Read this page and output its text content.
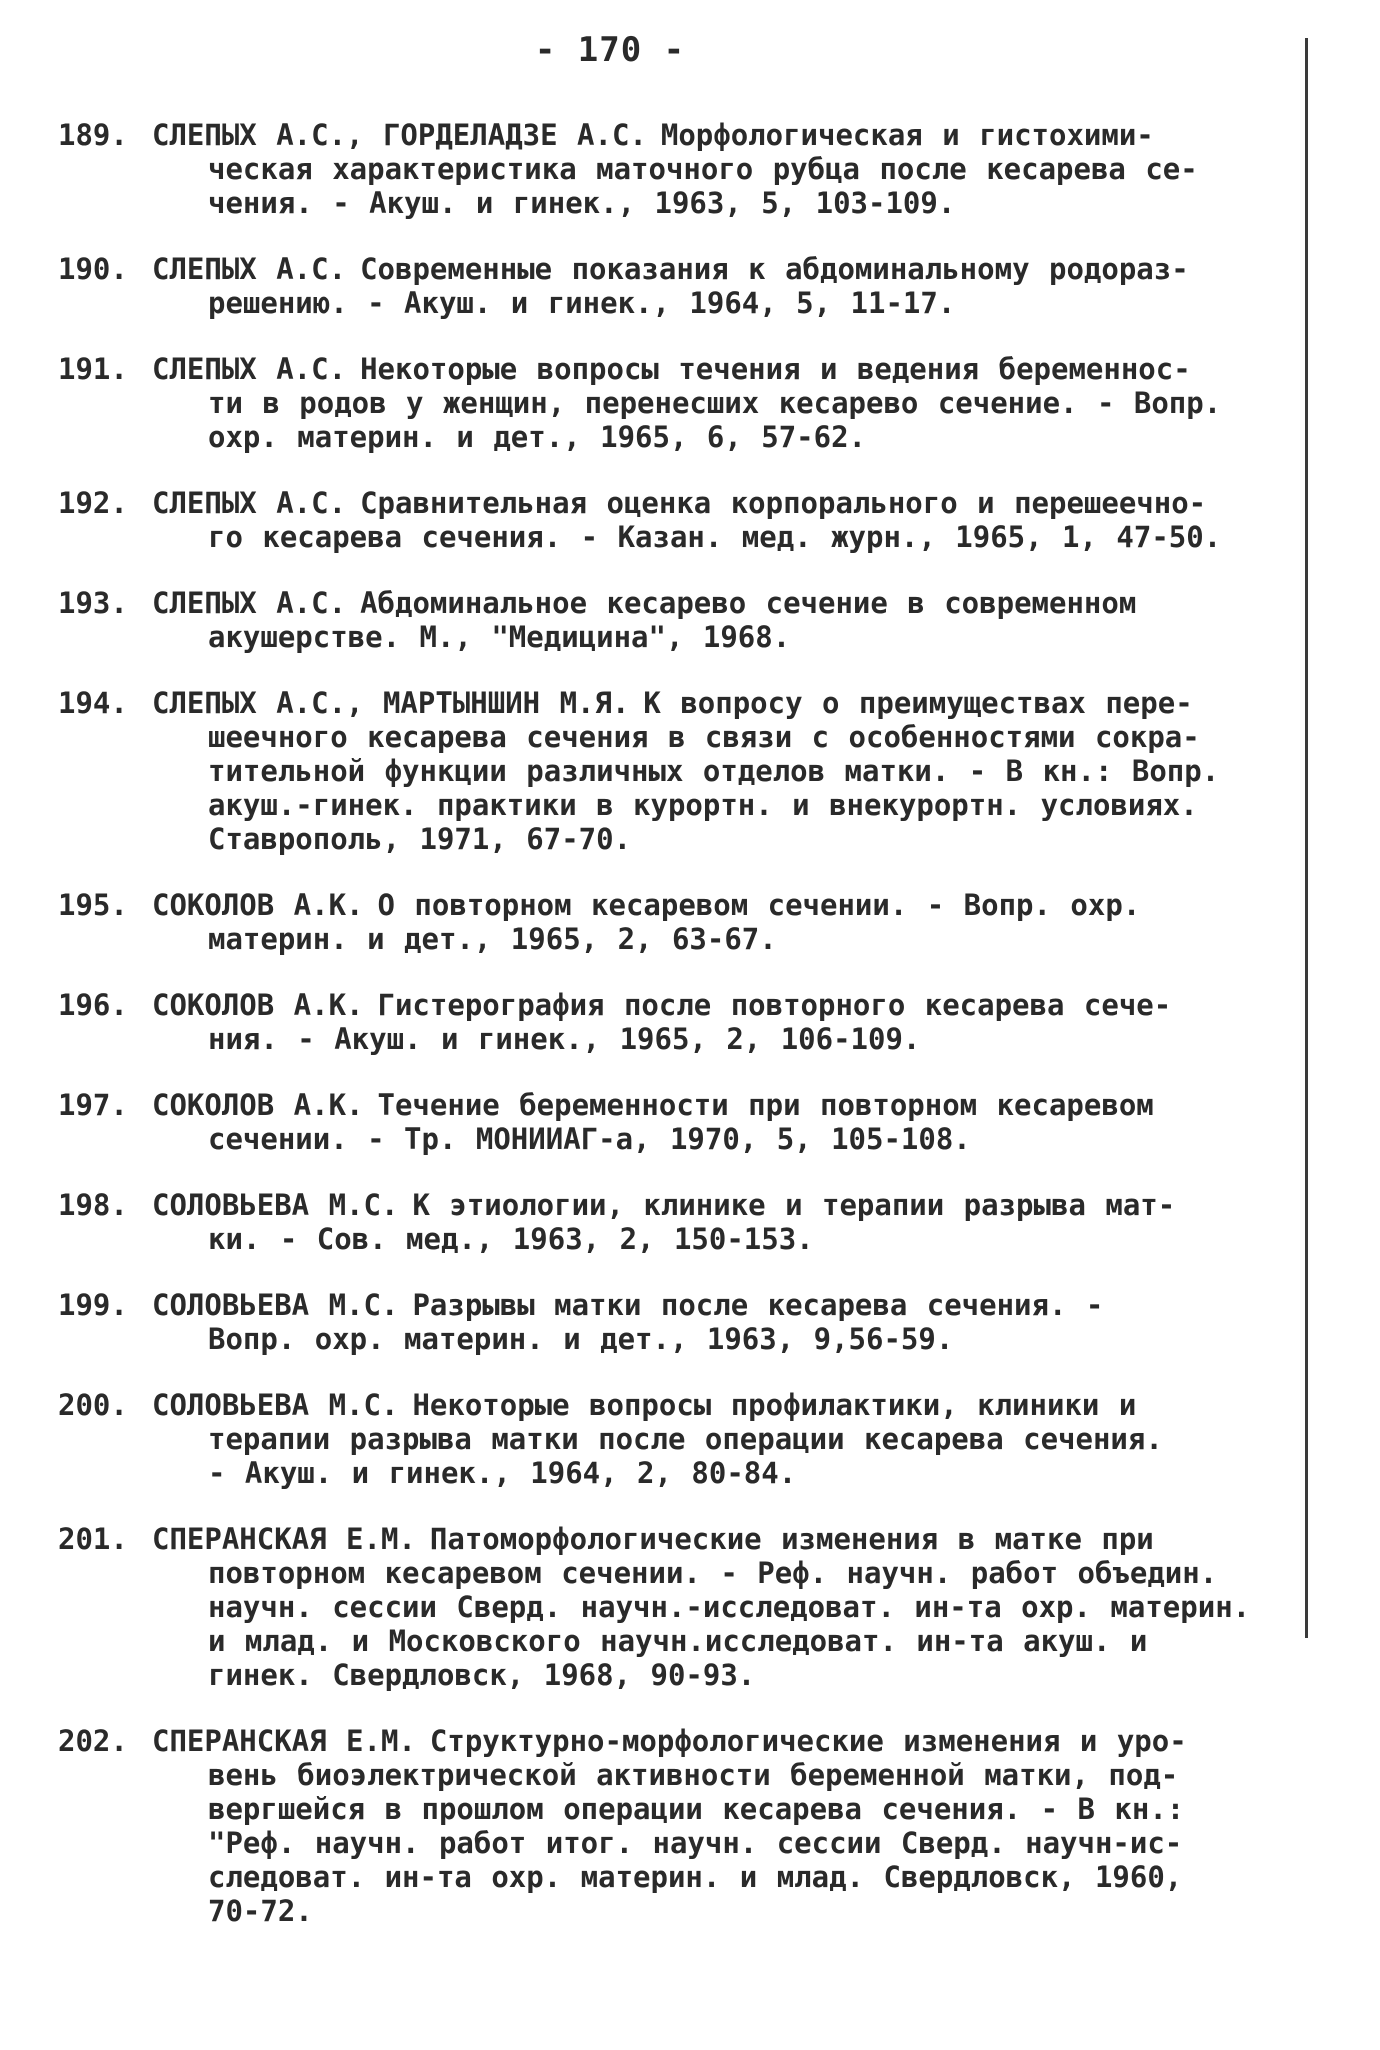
- 170 -
189. СЛЕПЫХ А.С., ГОРДЕЛАДЗЕ А.С. Морфологическая и гистохими-
ческая характеристика маточного рубца после кесарева се-
чения. - Акуш. и гинек., 1963, 5, 103-109.
190. СЛЕПЫХ А.С. Современные показания к абдоминальному родораз-
решению. - Акуш. и гинек., 1964, 5, 11-17.
191. СЛЕПЫХ А.С. Некоторые вопросы течения и ведения беременнос-
ти в родов у женщин, перенесших кесарево сечение. - Вопр.
охр. материн. и дет., 1965, 6, 57-62.
192. СЛЕПЫХ А.С. Сравнительная оценка корпорального и перешеечно-
го кесарева сечения. - Казан. мед. журн., 1965, 1, 47-50.
193. СЛЕПЫХ А.С. Абдоминальное кесарево сечение в современном
акушерстве. М., "Медицина", 1968.
194. СЛЕПЫХ А.С., МАРТЫНШИН М.Я. К вопросу о преимуществах пере-
шеечного кесарева сечения в связи с особенностями сокра-
тительной функции различных отделов матки. - В кн.: Вопр.
акуш.-гинек. практики в курортн. и внекурортн. условиях.
Ставрополь, 1971, 67-70.
195. СОКОЛОВ А.К. О повторном кесаревом сечении. - Вопр. охр.
материн. и дет., 1965, 2, 63-67.
196. СОКОЛОВ А.К. Гистерография после повторного кесарева сече-
ния. - Акуш. и гинек., 1965, 2, 106-109.
197. СОКОЛОВ А.К. Течение беременности при повторном кесаревом
сечении. - Тр. МОНИИАГ-а, 1970, 5, 105-108.
198. СОЛОВЬЕВА М.С. К этиологии, клинике и терапии разрыва мат-
ки. - Сов. мед., 1963, 2, 150-153.
199. СОЛОВЬЕВА М.С. Разрывы матки после кесарева сечения. -
Вопр. охр. материн. и дет., 1963, 9,56-59.
200. СОЛОВЬЕВА М.С. Некоторые вопросы профилактики, клиники и
терапии разрыва матки после операции кесарева сечения.
- Акуш. и гинек., 1964, 2, 80-84.
201. СПЕРАНСКАЯ Е.М. Патоморфологические изменения в матке при
повторном кесаревом сечении. - Реф. научн. работ объедин.
научн. сессии Сверд. научн.-исследоват. ин-та охр. материн.
и млад. и Московского научн.исследоват. ин-та акуш. и
гинек. Свердловск, 1968, 90-93.
202. СПЕРАНСКАЯ Е.М. Структурно-морфологические изменения и уро-
вень биоэлектрической активности беременной матки, под-
вергшейся в прошлом операции кесарева сечения. - В кн.:
"Реф. научн. работ итог. научн. сессии Сверд. научн-ис-
следоват. ин-та охр. материн. и млад. Свердловск, 1960,
70-72.
